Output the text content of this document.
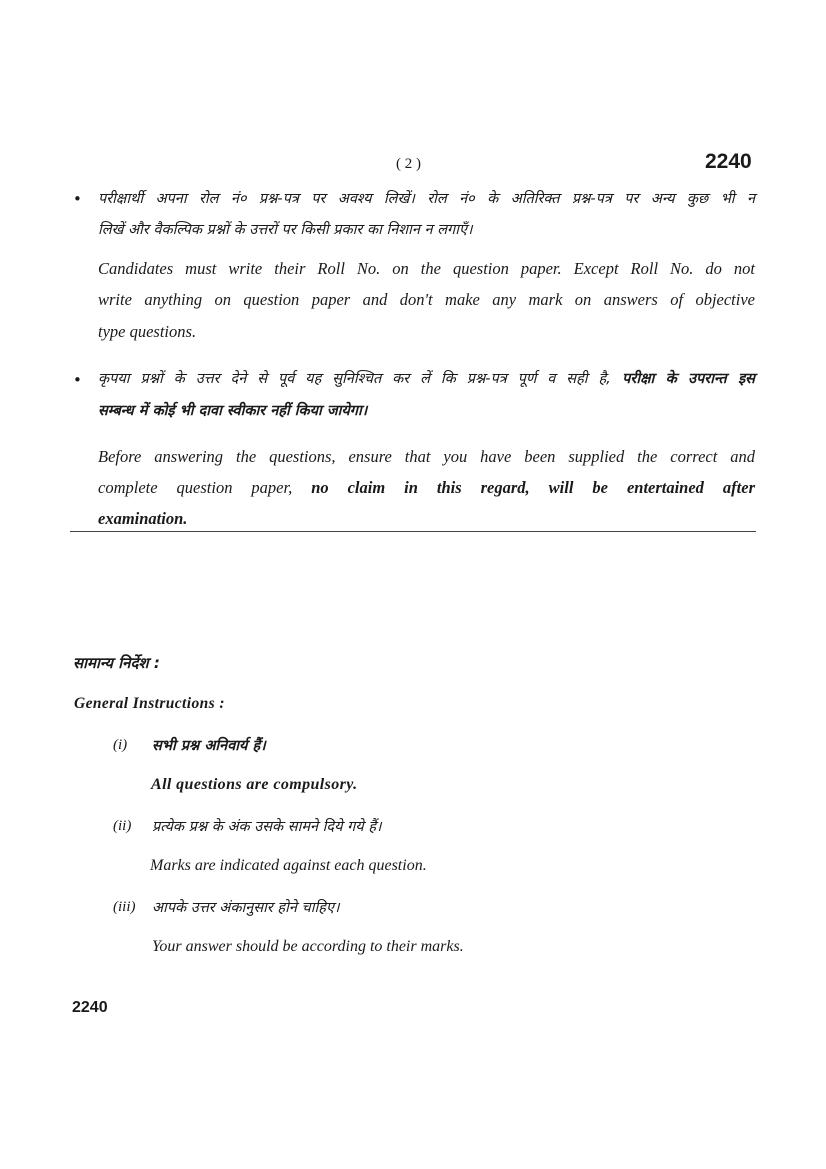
( 2 )	2240
• परीक्षार्थी अपना रोल नं० प्रश्न-पत्र पर अवश्य लिखें। रोल नं० के अतिरिक्त प्रश्न-पत्र पर अन्य कुछ भी न
लिखें और वैकल्पिक प्रश्नों के उत्तरों पर किसी प्रकार का निशान न लगाएँ।
Candidates must write their Roll No. on the question paper. Except Roll No. do not
write anything on question paper and don't make any mark on answers of objective
type questions.
• कृपया प्रश्नों के उत्तर देने से पूर्व यह सुनिश्चित कर लें कि प्रश्न-पत्र पूर्ण व सही है, परीक्षा के उपरान्त इस
सम्बन्ध में कोई भी दावा स्वीकार नहीं किया जायेगा।
Before answering the questions, ensure that you have been supplied the correct and
complete question paper, no claim in this regard, will be entertained after
examination.
सामान्य निर्देश :
General Instructions :
(i) सभी प्रश्न अनिवार्य हैं।
All questions are compulsory.
(ii) प्रत्येक प्रश्न के अंक उसके सामने दिये गये हैं।
Marks are indicated against each question.
(iii) आपके उत्तर अंकानुसार होने चाहिए।
Your answer should be according to their marks.
2240
